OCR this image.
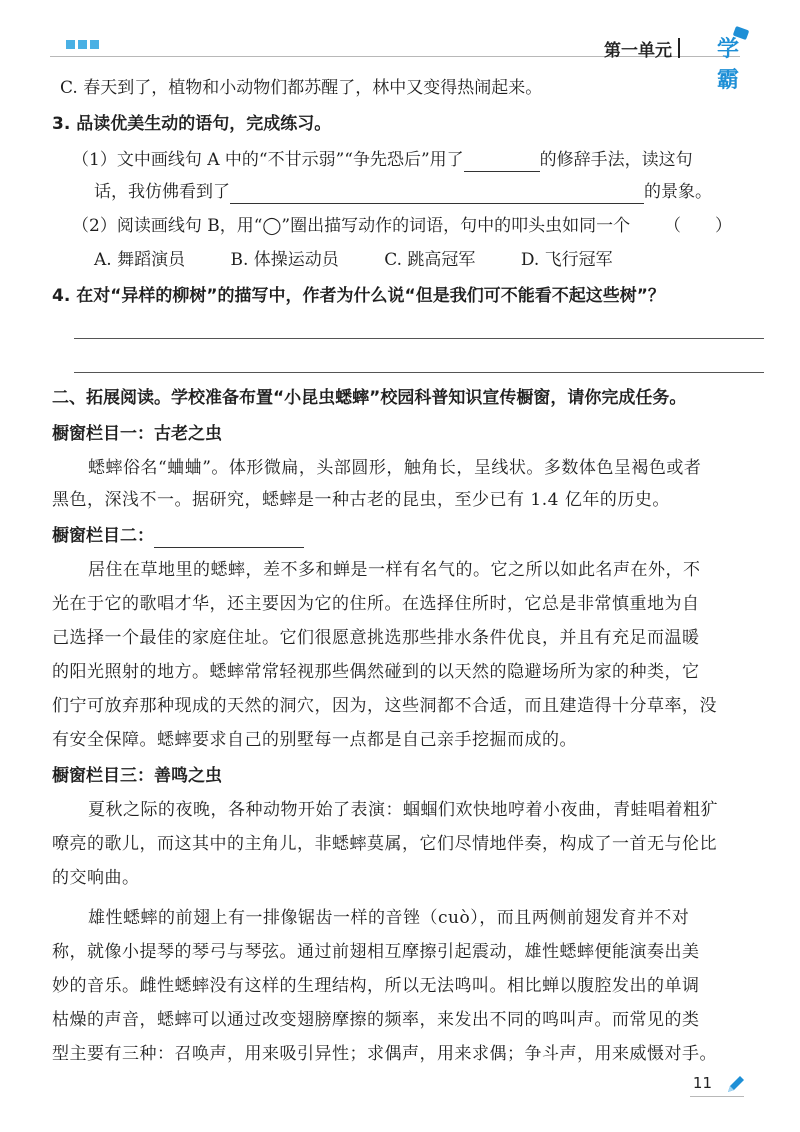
第一单元 学霸
C. 春天到了，植物和小动物们都苏醒了，林中又变得热闹起来。
3. 品读优美生动的语句，完成练习。
（1）文中画线句 A 中的“不甘示弱”“争先恐后”用了	的修辞手法，读这句
话，我仿佛看到了	的景象。
（2）阅读画线句 B，用“◯”圈出描写动作的词语，句中的叩头虫如同一个 （　　）
A. 舞蹈演员	B. 体操运动员	C. 跳高冠军	D. 飞行冠军
4. 在对“异样的柳树”的描写中，作者为什么说“但是我们可不能看不起这些树”？
二、拓展阅读。学校准备布置“小昆虫蟋蟀”校园科普知识宣传橱窗，请你完成任务。
橱窗栏目一：古老之虫
蟋蟀俗名“蛐蛐”。体形微扁，头部圆形，触角长，呈线状。多数体色呈褐色或者
黑色，深浅不一。据研究，蟋蟀是一种古老的昆虫，至少已有 1.4 亿年的历史。
橱窗栏目二：
居住在草地里的蟋蟀，差不多和蝉是一样有名气的。它之所以如此名声在外，不
光在于它的歌唱才华，还主要因为它的住所。在选择住所时，它总是非常慎重地为自
己选择一个最佳的家庭住址。它们很愿意挑选那些排水条件优良，并且有充足而温暖
的阳光照射的地方。蟋蟀常常轻视那些偶然碰到的以天然的隐避场所为家的种类，它
们宁可放弃那种现成的天然的洞穴，因为，这些洞都不合适，而且建造得十分草率，没
有安全保障。蟋蟀要求自己的别墅每一点都是自己亲手挖掘而成的。
橱窗栏目三：善鸣之虫
夏秋之际的夜晚，各种动物开始了表演：蝈蝈们欢快地哼着小夜曲，青蛙唱着粗犷
嘹亮的歌儿，而这其中的主角儿，非蟋蟀莫属，它们尽情地伴奏，构成了一首无与伦比
的交响曲。
雄性蟋蟀的前翅上有一排像锯齿一样的音锉（cuò），而且两侧前翅发育并不对
称，就像小提琴的琴弓与琴弦。通过前翅相互摩擦引起震动，雄性蟋蟀便能演奏出美
妙的音乐。雌性蟋蟀没有这样的生理结构，所以无法鸣叫。相比蝉以腹腔发出的单调
枯燥的声音，蟋蟀可以通过改变翅膀摩擦的频率，来发出不同的鸣叫声。而常见的类
型主要有三种：召唤声，用来吸引异性；求偶声，用来求偶；争斗声，用来威慑对手。
11
